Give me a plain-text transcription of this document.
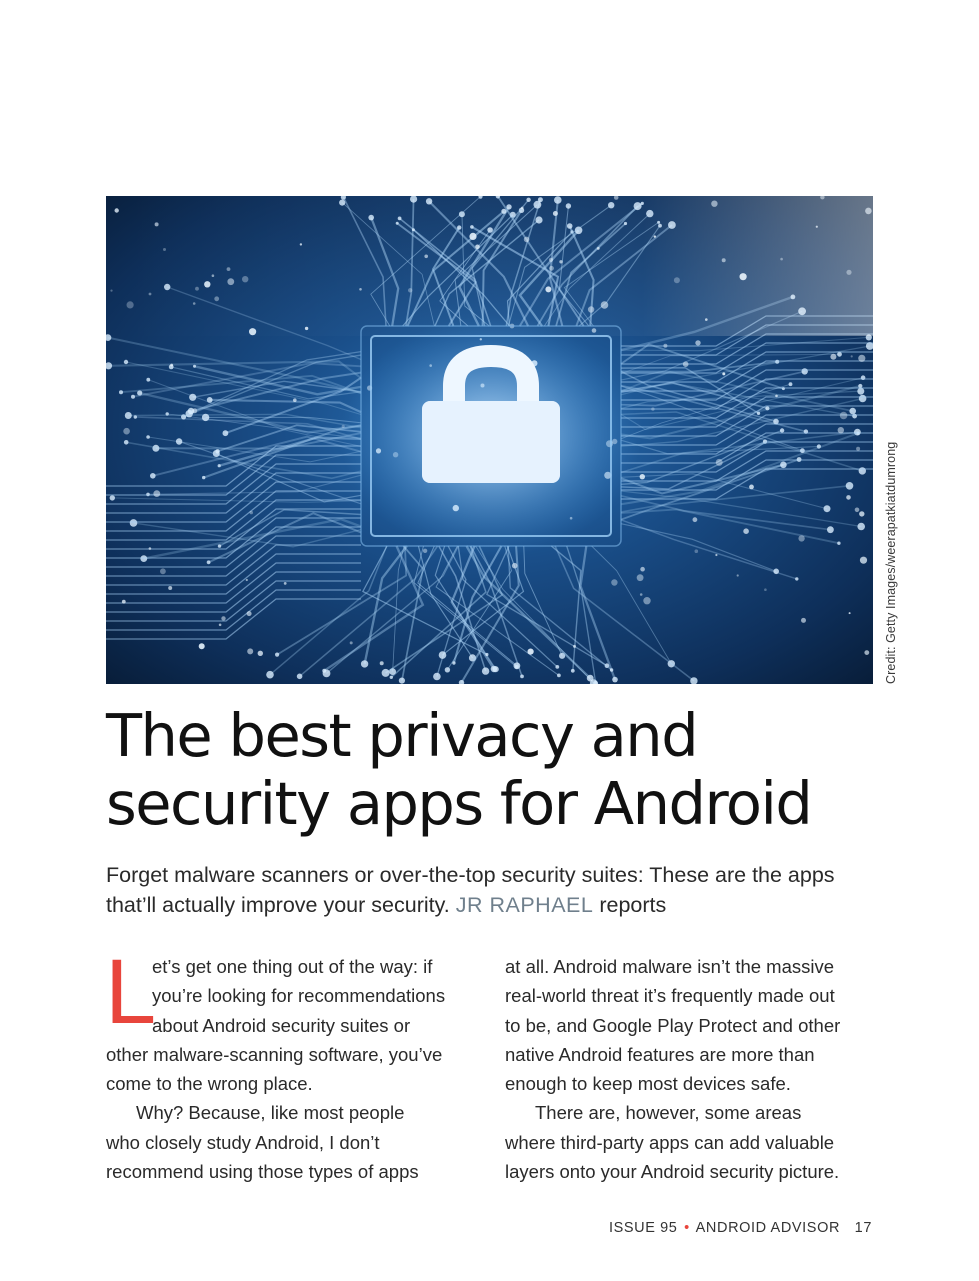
Credit: Getty Images/weerapatkiatdumrong
The best privacy and
security apps for Android

Forget malware scanners or over-the-top security suites: These are the apps that’ll actually improve your security. JR RAPHAEL reports

L

et’s get one thing out of the way: if
you’re looking for recommendations
about Android security suites or
other malware-scanning software, you’ve
come to the wrong place.

Why? Because, like most people
who closely study Android, I don’t
recommend using those types of apps

at all. Android malware isn’t the massive
real-world threat it’s frequently made out
to be, and Google Play Protect and other
native Android features are more than
enough to keep most devices safe.

There are, however, some areas
where third-party apps can add valuable
layers onto your Android security picture.

ISSUE 95 • ANDROID ADVISOR 17
